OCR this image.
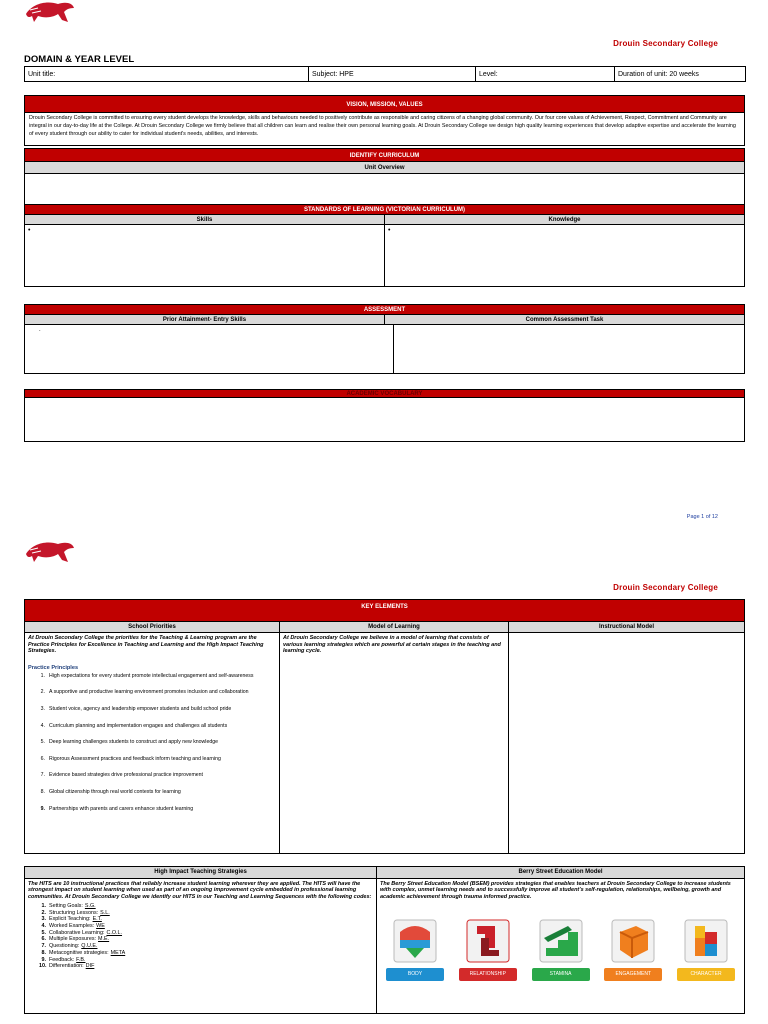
Drouin Secondary College
DOMAIN & YEAR LEVEL
Unit title:	Subject: HPE	Level:	Duration of unit: 20 weeks
VISION, MISSION, VALUES
Drouin Secondary College is committed to ensuring every student develops the knowledge, skills and behaviours needed to positively contribute as responsible and caring citizens of a changing global community. Our four core values of Achievement, Respect, Commitment and Community are integral in our day-to-day life at the College. At Drouin Secondary College we firmly believe that all children can learn and realise their own personal learning goals. At Drouin Secondary College we design high quality learning experiences that develop adaptive expertise and accelerate the learning of every student through our ability to cater for individual student's needs, abilities, and interests.
IDENTIFY CURRICULUM
Unit Overview
STANDARDS OF LEARNING (VICTORIAN CURRICULUM)
Skills	Knowledge
•	•
ASSESSMENT
Prior Attainment- Entry Skills	Common Assessment Task
.
ACADEMIC VOCABULARY
Page 1 of 12
Drouin Secondary College
KEY ELEMENTS
School Priorities	Model of Learning	Instructional Model
At Drouin Secondary College the priorities for the Teaching & Learning program are the Practice Principles for Excellence in Teaching and Learning and the High Impact Teaching Strategies.
Practice Principles
1. High expectations for every student promote intellectual engagement and self-awareness
2. A supportive and productive learning environment promotes inclusion and collaboration
3. Student voice, agency and leadership empower students and build school pride
4. Curriculum planning and implementation engages and challenges all students
5. Deep learning challenges students to construct and apply new knowledge
6. Rigorous Assessment practices and feedback inform teaching and learning
7. Evidence based strategies drive professional practice improvement
8. Global citizenship through real world contexts for learning
9. Partnerships with parents and carers enhance student learning
At Drouin Secondary College we believe in a model of learning that consists of various learning strategies which are powerful at certain stages in the teaching and learning cycle.
High Impact Teaching Strategies	Berry Street Education Model
The HITS are 10 instructional practices that reliably increase student learning wherever they are applied. The HITS will have the strongest impact on student learning when used as part of an ongoing improvement cycle embedded in professional learning communities. At Drouin Secondary College we identify our HITS in our Teaching and Learning Sequences with the following codes:
1. Setting Goals: S.G.
2. Structuring Lessons: S.L.
3. Explicit Teaching: E.T.
4. Worked Examples: WE
5. Collaborative Learning: C.O.L.
6. Multiple Exposures: M.E.
7. Questioning: Q.U.E.
8. Metacognitive strategies: META
9. Feedback: F.B.
10. Differentiation: DIF
The Berry Street Education Model (BSEM) provides strategies that enables teachers at Drouin Secondary College to increase students with complex, unmet learning needs and to successfully improve all student's self-regulation, relationships, wellbeing, growth and academic achievement through trauma informed practice.
BODY	RELATIONSHIP	STAMINA	ENGAGEMENT	CHARACTER
